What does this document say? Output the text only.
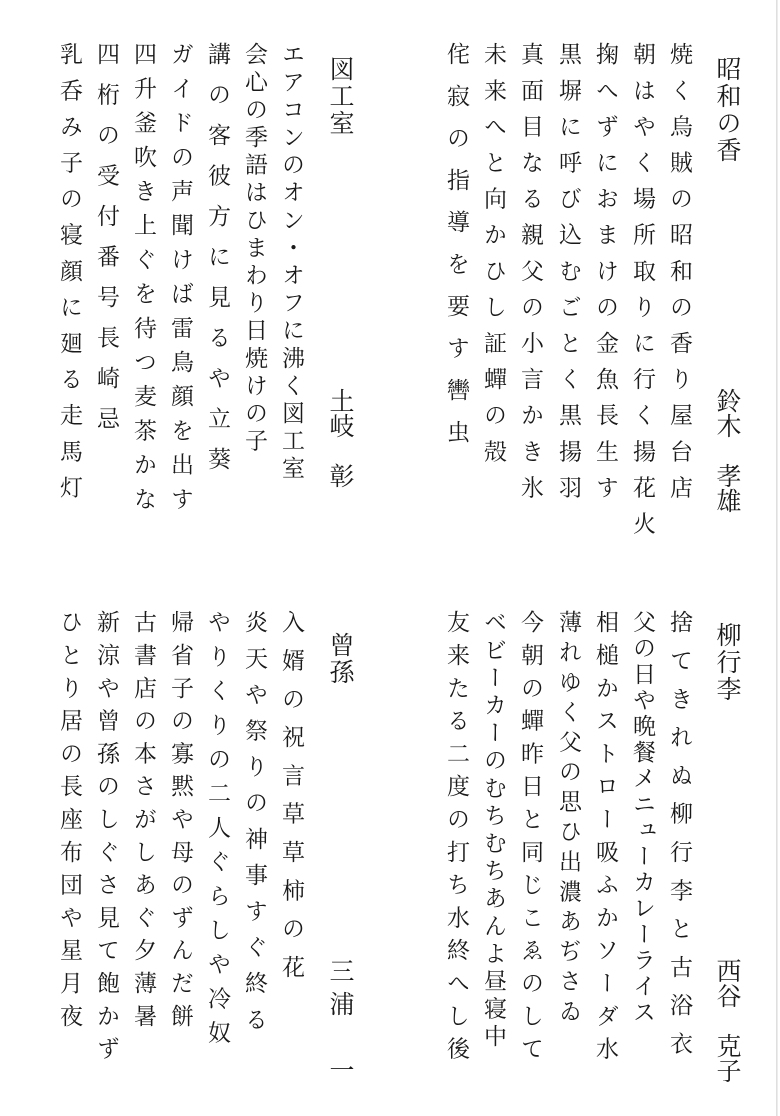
昭和の香
鈴木　孝雄
焼く烏賊の昭和の香り屋台店
朝はやく場所取りに行く揚花火
掬へずにおまけの金魚長生す
黒塀に呼び込むごとく黒揚羽
真面目なる親父の小言かき氷
未来へと向かひし証蟬の殻
侘寂の指導を要す轡虫
図工室
土岐　彰
エアコンのオン・オフに沸く図工室
会心の季語はひまわり日焼けの子
講の客彼方に見るや立葵
ガイドの声聞けば雷鳥顔を出す
四升釜吹き上ぐを待つ麦茶かな
四桁の受付番号長崎忌
乳呑み子の寝顔に廻る走馬灯
柳行李
西谷　克子
捨てきれぬ柳行李と古浴衣
父の日や晩餐メニューカレーライス
相槌かストロー吸ふかソーダ水
薄れゆく父の思ひ出濃あぢさゐ
今朝の蟬昨日と同じこゑのして
ベビーカーのむちむちあんよ昼寝中
友来たる二度の打ち水終へし後
曾孫
三浦　一
入婿の祝言草草柿の花
炎天や祭りの神事すぐ終る
やりくりの二人ぐらしや冷奴
帰省子の寡黙や母のずんだ餅
古書店の本さがしあぐ夕薄暑
新涼や曾孫のしぐさ見て飽かず
ひとり居の長座布団や星月夜
